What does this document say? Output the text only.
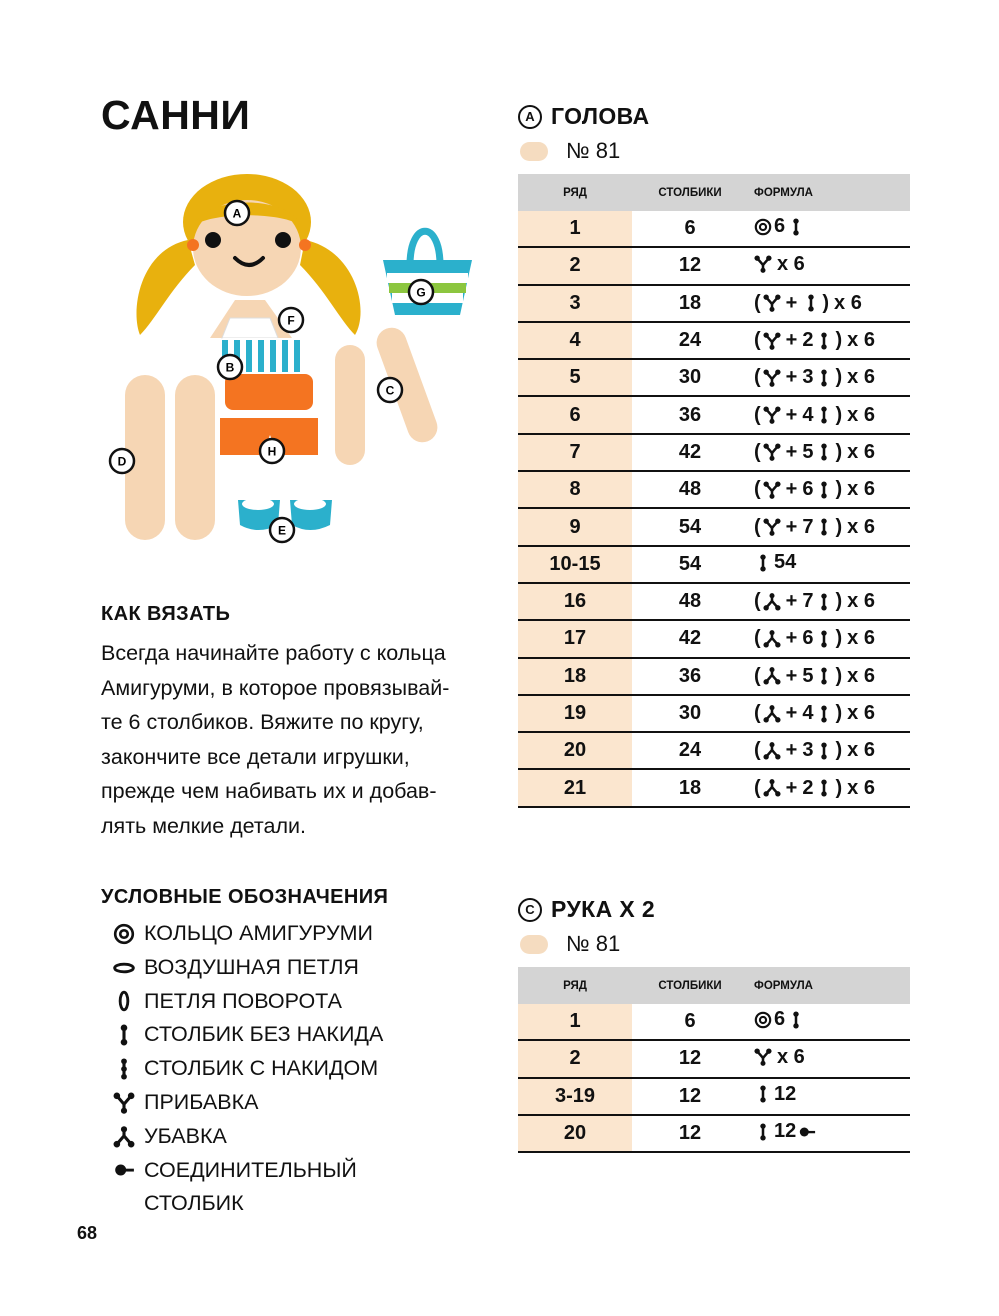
САННИ
A
B
C
D
E
F
G
H
КАК ВЯЗАТЬ

Всегда начинайте работу с кольца
Амигуруми, в которое провязывай-
те 6 столбиков. Вяжите по кругу,
закончите все детали игрушки,
прежде чем набивать их и добав-
лять мелкие детали.

УСЛОВНЫЕ ОБОЗНАЧЕНИЯ
КОЛЬЦО АМИГУРУМИ
ВОЗДУШНАЯ ПЕТЛЯ
ПЕТЛЯ ПОВОРОТА
СТОЛБИК БЕЗ НАКИДА
СТОЛБИК С НАКИДОМ
ПРИБАВКА
УБАВКА
СОЕДИНИТЕЛЬНЫЙ
СТОЛБИК

68

A ГОЛОВА
№ 81
РЯД	СТОЛБИКИ	ФОРМУЛА
1	6	6

2	12	x 6

3	18	( + ) x 6

4	24	( + 2 ) x 6

5	30	( + 3 ) x 6

6	36	( + 4 ) x 6

7	42	( + 5 ) x 6

8	48	( + 6 ) x 6

9	54	( + 7 ) x 6

10-15	54	54

16	48	( + 7 ) x 6

17	42	( + 6 ) x 6

18	36	( + 5 ) x 6

19	30	( + 4 ) x 6

20	24	( + 3 ) x 6

21	18	( + 2 ) x 6
C РУКА X 2
№ 81
РЯД	СТОЛБИКИ	ФОРМУЛА
1	6	6

2	12	x 6

3-19	12	12

20	12	12
